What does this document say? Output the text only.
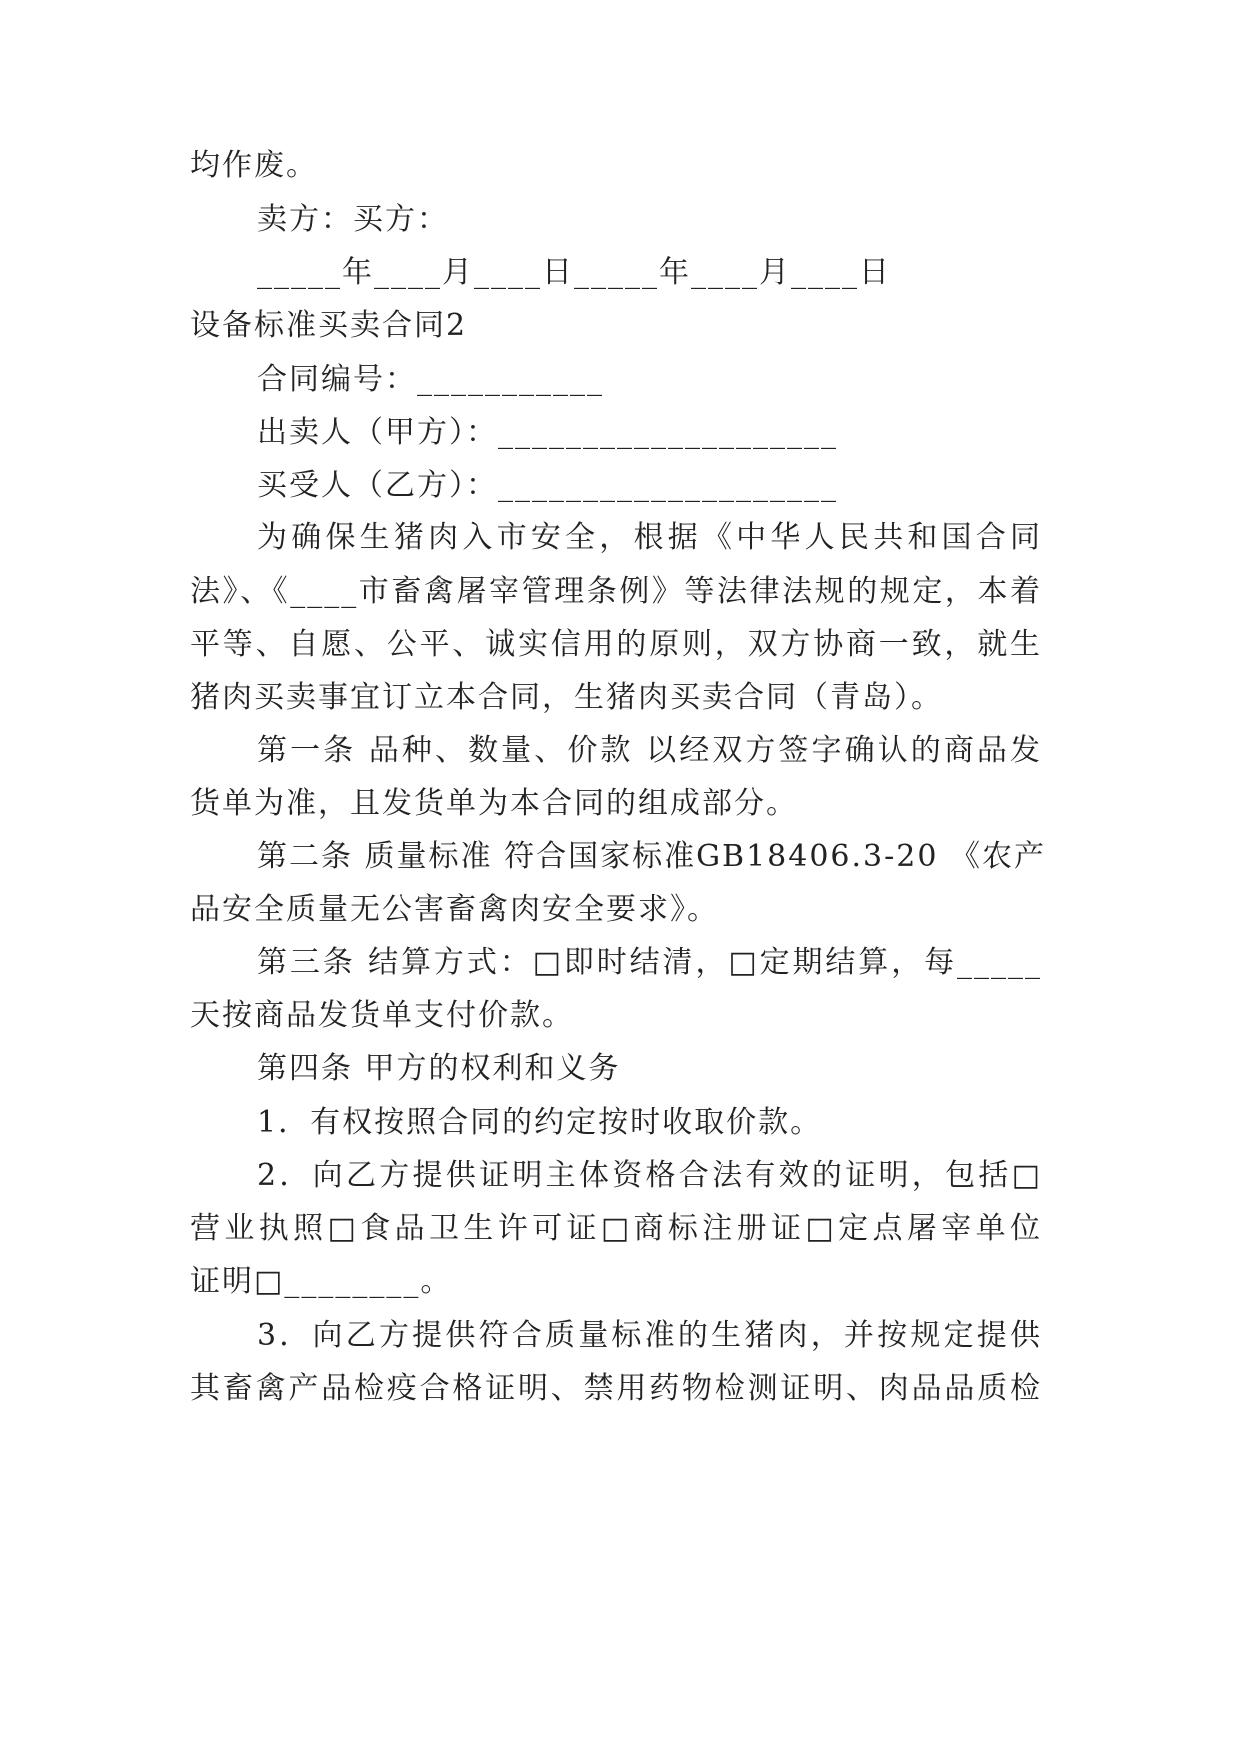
均作废。
卖方：买方：
_____年____月____日_____年____月____日
设备标准买卖合同2
合同编号：___________
出卖人（甲方）：____________________
买受人（乙方）：____________________
为确保生猪肉入市安全，根据《中华人民共和国合同
法》、《____市畜禽屠宰管理条例》等法律法规的规定，本着
平等、自愿、公平、诚实信用的原则，双方协商一致，就生
猪肉买卖事宜订立本合同，生猪肉买卖合同（青岛）。
第一条 品种、数量、价款 以经双方签字确认的商品发
货单为准，且发货单为本合同的组成部分。
第二条 质量标准 符合国家标准GB18406.3-20 《农产
品安全质量无公害畜禽肉安全要求》。
第三条 结算方式：□即时结清，□定期结算，每_____
天按商品发货单支付价款。
第四条 甲方的权利和义务
1．有权按照合同的约定按时收取价款。
2．向乙方提供证明主体资格合法有效的证明，包括□
营业执照□食品卫生许可证□商标注册证□定点屠宰单位
证明□________。
3．向乙方提供符合质量标准的生猪肉，并按规定提供
其畜禽产品检疫合格证明、禁用药物检测证明、肉品品质检
